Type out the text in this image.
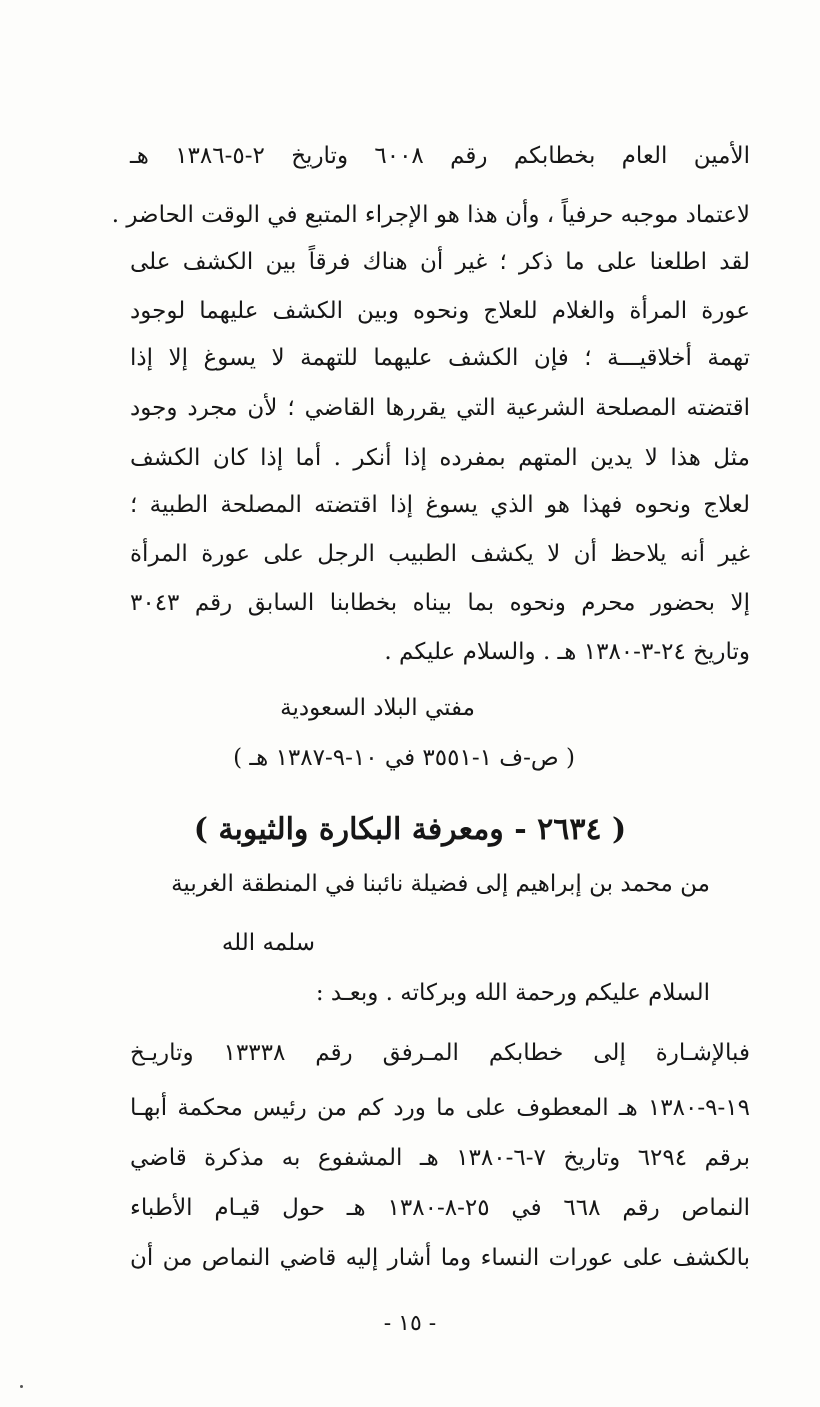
الأمين العام بخطابكم رقم ٦٠٠٨ وتاريخ ٢-٥-١٣٨٦ هـ
لاعتماد موجبه حرفياً ، وأن هذا هو الإجراء المتبع في الوقت الحاضر .
لقد اطلعنا على ما ذكر ؛ غير أن هناك فرقاً بين الكشف على
عورة المرأة والغلام للعلاج ونحوه وبين الكشف عليهما لوجود
تهمة أخلاقيـــة ؛ فإن الكشف عليهما للتهمة لا يسوغ إلا إذا
اقتضته المصلحة الشرعية التي يقررها القاضي ؛ لأن مجرد وجود
مثل هذا لا يدين المتهم بمفرده إذا أنكر . أما إذا كان الكشف
لعلاج ونحوه فهذا هو الذي يسوغ إذا اقتضته المصلحة الطبية ؛
غير أنه يلاحظ أن لا يكشف الطبيب الرجل على عورة المرأة
إلا بحضور محرم ونحوه بما بيناه بخطابنا السابق رقم ٣٠٤٣
وتاريخ ٢٤-٣-١٣٨٠ هـ . والسلام عليكم .
مفتي البلاد السعودية
( ص-ف ١-٣٥٥١ في ١٠-٩-١٣٨٧ هـ )
( ٢٦٣٤ - ومعرفة البكارة والثيوبة )
من محمد بن إبراهيم إلى فضيلة نائبنا في المنطقة الغربية
سلمه الله
السلام عليكم ورحمة الله وبركاته . وبعـد :
فبالإشـارة إلى خطابكم المـرفق رقم ١٣٣٣٨ وتاريـخ
١٩-٩-١٣٨٠ هـ المعطوف على ما ورد كم من رئيس محكمة أبهـا
برقم ٦٢٩٤ وتاريخ ٧-٦-١٣٨٠ هـ المشفوع به مذكرة قاضي
النماص رقم ٦٦٨ في ٢٥-٨-١٣٨٠ هـ حول قيـام الأطباء
بالكشف على عورات النساء وما أشار إليه قاضي النماص من أن
- ١٥ -
